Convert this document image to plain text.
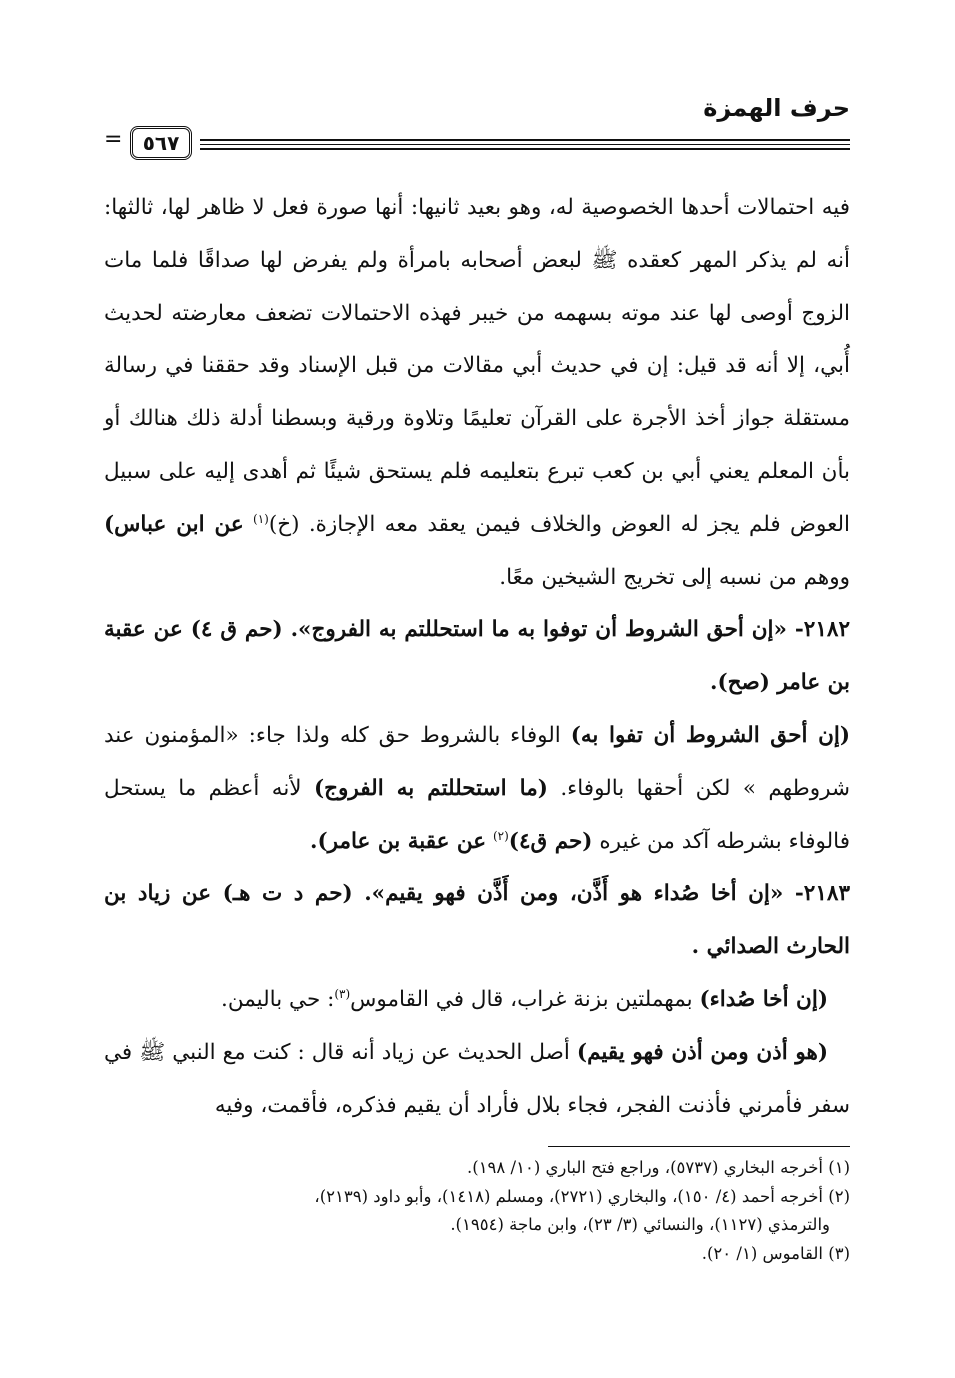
حرف الهمزة
=	٥٦٧

فيه احتمالات أحدها الخصوصية له، وهو بعيد ثانيها: أنها صورة فعل لا ظاهر لها، ثالثها: أنه لم يذكر المهر كعقده ﷺ لبعض أصحابه بامرأة ولم يفرض لها صداقًا فلما مات الزوج أوصى لها عند موته بسهمه من خيبر فهذه الاحتمالات تضعف معارضته لحديث أُبي، إلا أنه قد قيل: إن في حديث أبي مقالات من قبل الإسناد وقد حققنا في رسالة مستقلة جواز أخذ الأجرة على القرآن تعليمًا وتلاوة ورقية وبسطنا أدلة ذلك هنالك أو بأن المعلم يعني أبي بن كعب تبرع بتعليمه فلم يستحق شيئًا ثم أهدى إليه على سبيل العوض فلم يجز له العوض والخلاف فيمن يعقد معه الإجازة. (خ)$^{(١)}$ عن ابن عباس) ووهم من نسبه إلى تخريج الشيخين معًا.

٢١٨٢- «إن أحق الشروط أن توفوا به ما استحللتم به الفروج». (حم ق ٤) عن عقبة بن عامر (صح).

(إن أحق الشروط أن تفوا به) الوفاء بالشروط حق كله ولذا جاء: «المؤمنون عند شروطهم » لكن أحقها بالوفاء. (ما استحللتم به الفروج) لأنه أعظم ما يستحل فالوفاء بشرطه آكد من غيره (حم ق٤)$^{(٢)}$ عن عقبة بن عامر).

٢١٨٣- «إن أخا صُداء هو أَذَّن، ومن أَذَّن فهو يقيم». (حم د ت هـ) عن زياد بن الحارث الصدائي .

(إن أخا صُداء) بمهملتين بزنة غراب، قال في القاموس$^{(٣)}$: حي باليمن.

(هو أذن ومن أذن فهو يقيم) أصل الحديث عن زياد أنه قال : كنت مع النبي ﷺ في سفر فأمرني فأذنت الفجر، فجاء بلال فأراد أن يقيم فذكره، فأقمت، وفيه

(١) أخرجه البخاري (٥٧٣٧)، وراجع فتح الباري (١٠/ ١٩٨).

(٢) أخرجه أحمد (٤/ ١٥٠)، والبخاري (٢٧٢١)، ومسلم (١٤١٨)، وأبو داود (٢١٣٩)،

والترمذي (١١٢٧)، والنسائي (٣/ ٢٣)، وابن ماجة (١٩٥٤).

(٣) القاموس (١/ ٢٠).
